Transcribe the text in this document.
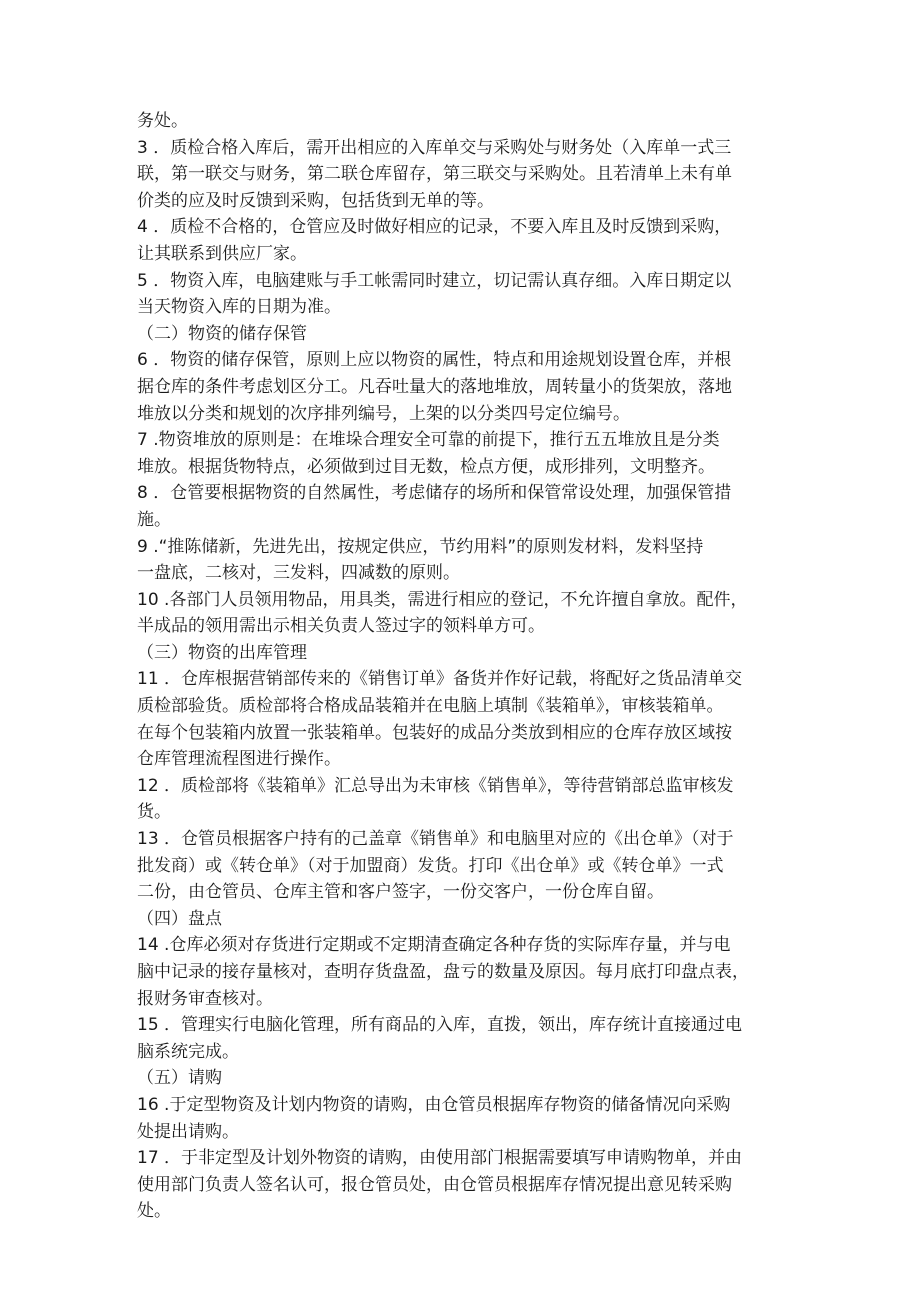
务处。
3 ．质检合格入库后，需开出相应的入库单交与采购处与财务处（入库单一式三
联，第一联交与财务，第二联仓库留存，第三联交与采购处。且若清单上未有单
价类的应及时反馈到采购，包括货到无单的等。
4 ．质检不合格的，仓管应及时做好相应的记录，不要入库且及时反馈到采购，
让其联系到供应厂家。
5 ．物资入库，电脑建账与手工帐需同时建立，切记需认真存细。入库日期定以
当天物资入库的日期为准。
（二）物资的储存保管
6 ．物资的储存保管，原则上应以物资的属性，特点和用途规划设置仓库，并根
据仓库的条件考虑划区分工。凡吞吐量大的落地堆放，周转量小的货架放，落地
堆放以分类和规划的次序排列编号，上架的以分类四号定位编号。
7 .物资堆放的原则是：在堆垛合理安全可靠的前提下，推行五五堆放且是分类
堆放。根据货物特点，必须做到过目无数，检点方便，成形排列，文明整齐。
8 ．仓管要根据物资的自然属性，考虑储存的场所和保管常设处理，加强保管措
施。
9 .“推陈储新，先进先出，按规定供应，节约用料”的原则发材料，发料坚持
一盘底，二核对，三发料，四减数的原则。
10 .各部门人员领用物品，用具类，需进行相应的登记，不允许擅自拿放。配件，
半成品的领用需出示相关负责人签过字的领料单方可。
（三）物资的出库管理
11 ．仓库根据营销部传来的《销售订单》备货并作好记载，将配好之货品清单交
质检部验货。质检部将合格成品装箱并在电脑上填制《装箱单》，审核装箱单。
在每个包装箱内放置一张装箱单。包装好的成品分类放到相应的仓库存放区域按
仓库管理流程图进行操作。
12 ．质检部将《装箱单》汇总导出为未审核《销售单》，等待营销部总监审核发
货。
13 ．仓管员根据客户持有的己盖章《销售单》和电脑里对应的《出仓单》（对于
批发商）或《转仓单》（对于加盟商）发货。打印《出仓单》或《转仓单》一式
二份，由仓管员、仓库主管和客户签字，一份交客户，一份仓库自留。
（四）盘点
14 .仓库必须对存货进行定期或不定期清查确定各种存货的实际库存量，并与电
脑中记录的接存量核对，查明存货盘盈，盘亏的数量及原因。每月底打印盘点表，
报财务审查核对。
15 ．管理实行电脑化管理，所有商品的入库，直拨，领出，库存统计直接通过电
脑系统完成。
（五）请购
16 .于定型物资及计划内物资的请购，由仓管员根据库存物资的储备情况向采购
处提出请购。
17 ．于非定型及计划外物资的请购，由使用部门根据需要填写申请购物单，并由
使用部门负责人签名认可，报仓管员处，由仓管员根据库存情况提出意见转采购
处。
